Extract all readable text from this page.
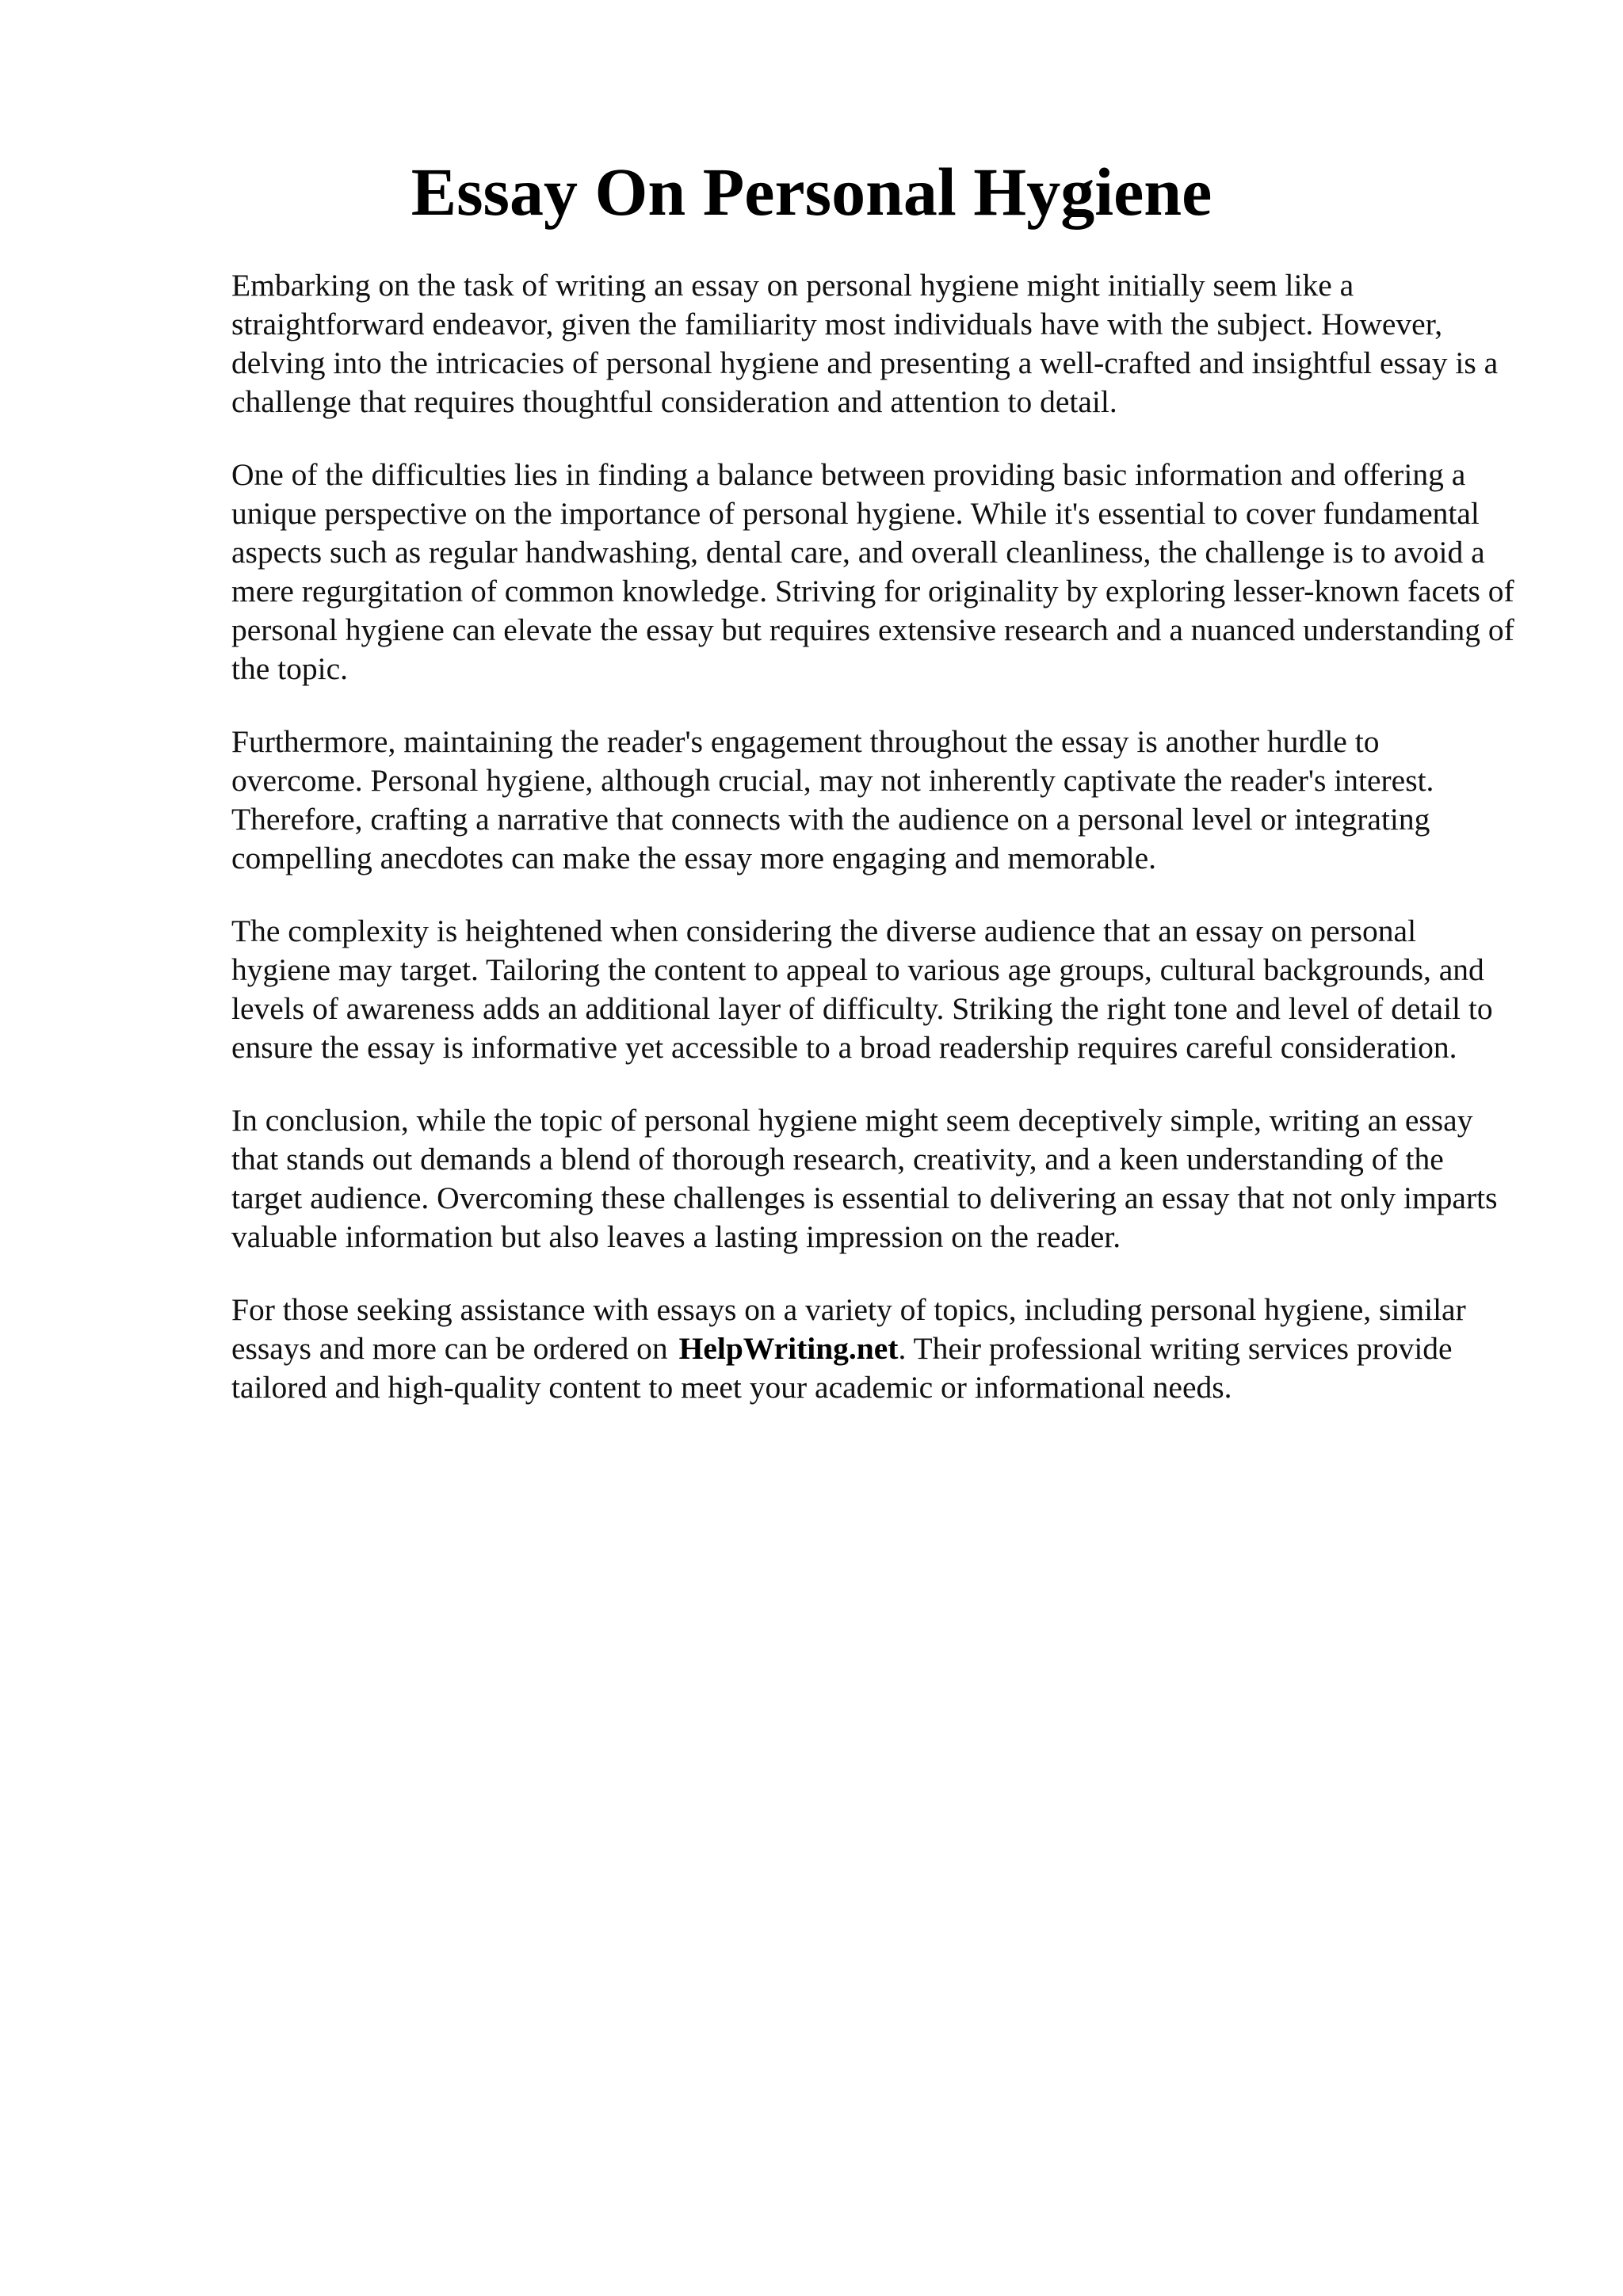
Essay On Personal Hygiene

Embarking on the task of writing an essay on personal hygiene might initially seem like a straightforward endeavor, given the familiarity most individuals have with the subject. However, delving into the intricacies of personal hygiene and presenting a well-crafted and insightful essay is a challenge that requires thoughtful consideration and attention to detail.

One of the difficulties lies in finding a balance between providing basic information and offering a unique perspective on the importance of personal hygiene. While it's essential to cover fundamental aspects such as regular handwashing, dental care, and overall cleanliness, the challenge is to avoid a mere regurgitation of common knowledge. Striving for originality by exploring lesser-known facets of personal hygiene can elevate the essay but requires extensive research and a nuanced understanding of the topic.

Furthermore, maintaining the reader's engagement throughout the essay is another hurdle to overcome. Personal hygiene, although crucial, may not inherently captivate the reader's interest. Therefore, crafting a narrative that connects with the audience on a personal level or integrating compelling anecdotes can make the essay more engaging and memorable.

The complexity is heightened when considering the diverse audience that an essay on personal hygiene may target. Tailoring the content to appeal to various age groups, cultural backgrounds, and levels of awareness adds an additional layer of difficulty. Striking the right tone and level of detail to ensure the essay is informative yet accessible to a broad readership requires careful consideration.

In conclusion, while the topic of personal hygiene might seem deceptively simple, writing an essay that stands out demands a blend of thorough research, creativity, and a keen understanding of the target audience. Overcoming these challenges is essential to delivering an essay that not only imparts valuable information but also leaves a lasting impression on the reader.

For those seeking assistance with essays on a variety of topics, including personal hygiene, similar essays and more can be ordered on HelpWriting.net. Their professional writing services provide tailored and high-quality content to meet your academic or informational needs.
